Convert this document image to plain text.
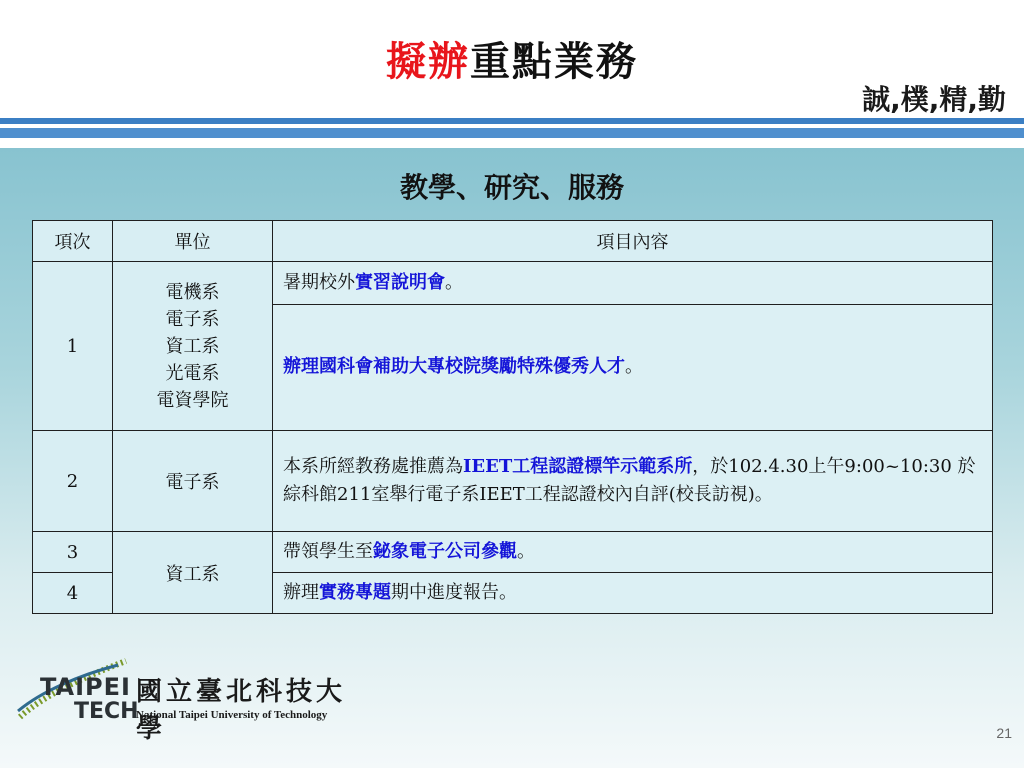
擬辦重點業務
誠,樸,精,勤
教學、研究、服務
項次	單位	項目內容
1	電機系
電子系
資工系
光電系
電資學院	暑期校外實習說明會。
		辦理國科會補助大專校院獎勵特殊優秀人才。
2	電子系	本系所經教務處推薦為IEET工程認證標竿示範系所，於102.4.30上午9:00~10:30 於綜科館211室舉行電子系IEET工程認證校內自評(校長訪視)。
3	資工系	帶領學生至鉍象電子公司參觀。
4		辦理實務專題期中進度報告。
TAIPEI
TECH
國立臺北科技大學
National Taipei University of Technology
21
